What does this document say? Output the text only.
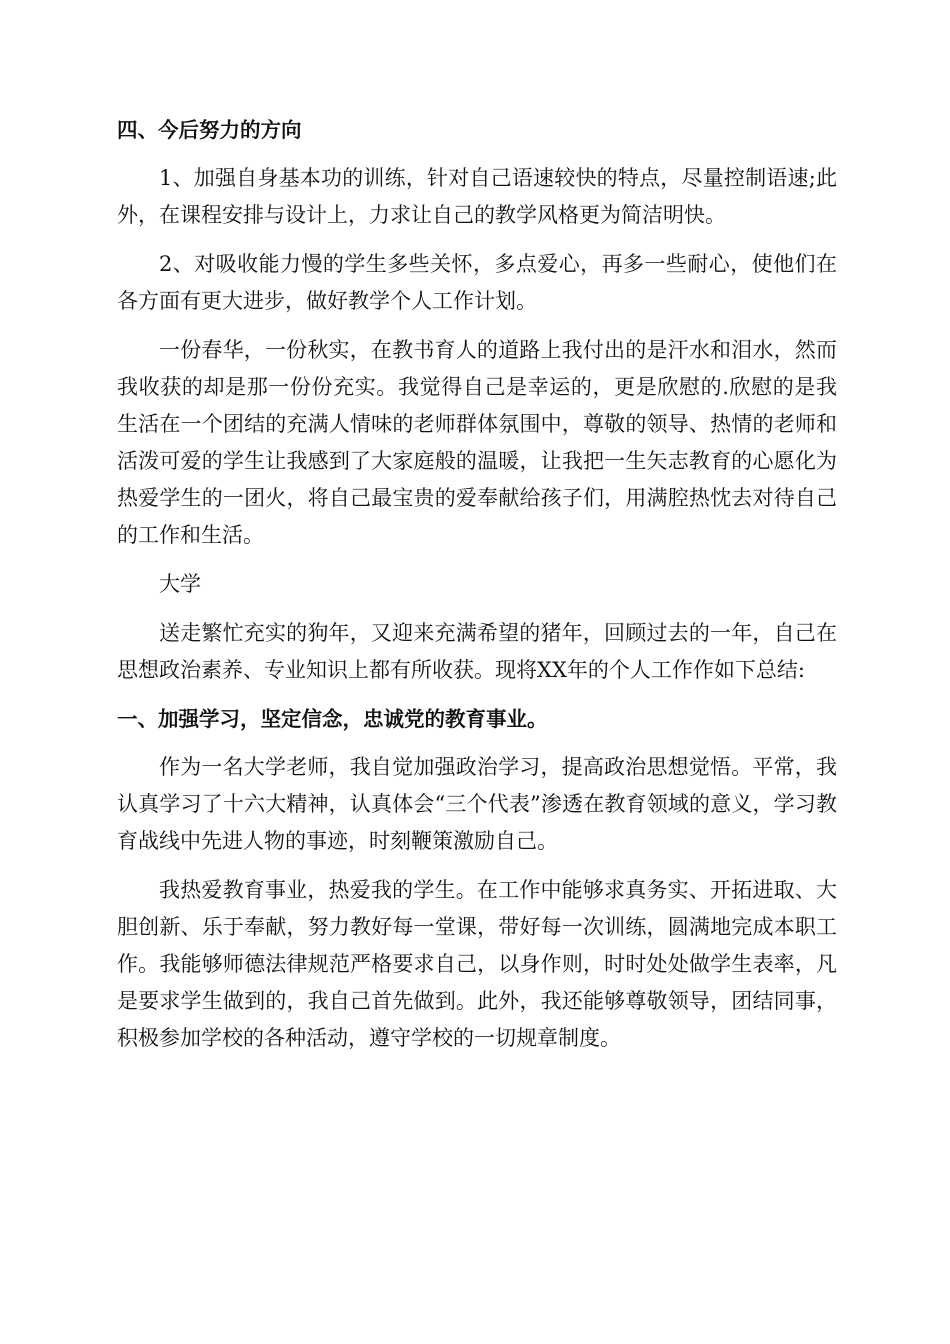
四、今后努力的方向

1、加强自身基本功的训练，针对自己语速较快的特点，尽量控制语速;此外，在课程安排与设计上，力求让自己的教学风格更为简洁明快。

2、对吸收能力慢的学生多些关怀，多点爱心，再多一些耐心，使他们在各方面有更大进步，做好教学个人工作计划。

一份春华，一份秋实，在教书育人的道路上我付出的是汗水和泪水，然而我收获的却是那一份份充实。我觉得自己是幸运的，更是欣慰的.欣慰的是我生活在一个团结的充满人情味的老师群体氛围中，尊敬的领导、热情的老师和活泼可爱的学生让我感到了大家庭般的温暖，让我把一生矢志教育的心愿化为热爱学生的一团火，将自己最宝贵的爱奉献给孩子们，用满腔热忱去对待自己的工作和生活。

大学

送走繁忙充实的狗年，又迎来充满希望的猪年，回顾过去的一年，自己在思想政治素养、专业知识上都有所收获。现将XX年的个人工作作如下总结:

一、加强学习，坚定信念，忠诚党的教育事业。

作为一名大学老师，我自觉加强政治学习，提高政治思想觉悟。平常，我认真学习了十六大精神，认真体会“三个代表”渗透在教育领域的意义，学习教育战线中先进人物的事迹，时刻鞭策激励自己。

我热爱教育事业，热爱我的学生。在工作中能够求真务实、开拓进取、大胆创新、乐于奉献，努力教好每一堂课，带好每一次训练，圆满地完成本职工作。我能够师德法律规范严格要求自己，以身作则，时时处处做学生表率，凡是要求学生做到的，我自己首先做到。此外，我还能够尊敬领导，团结同事，积极参加学校的各种活动，遵守学校的一切规章制度。
